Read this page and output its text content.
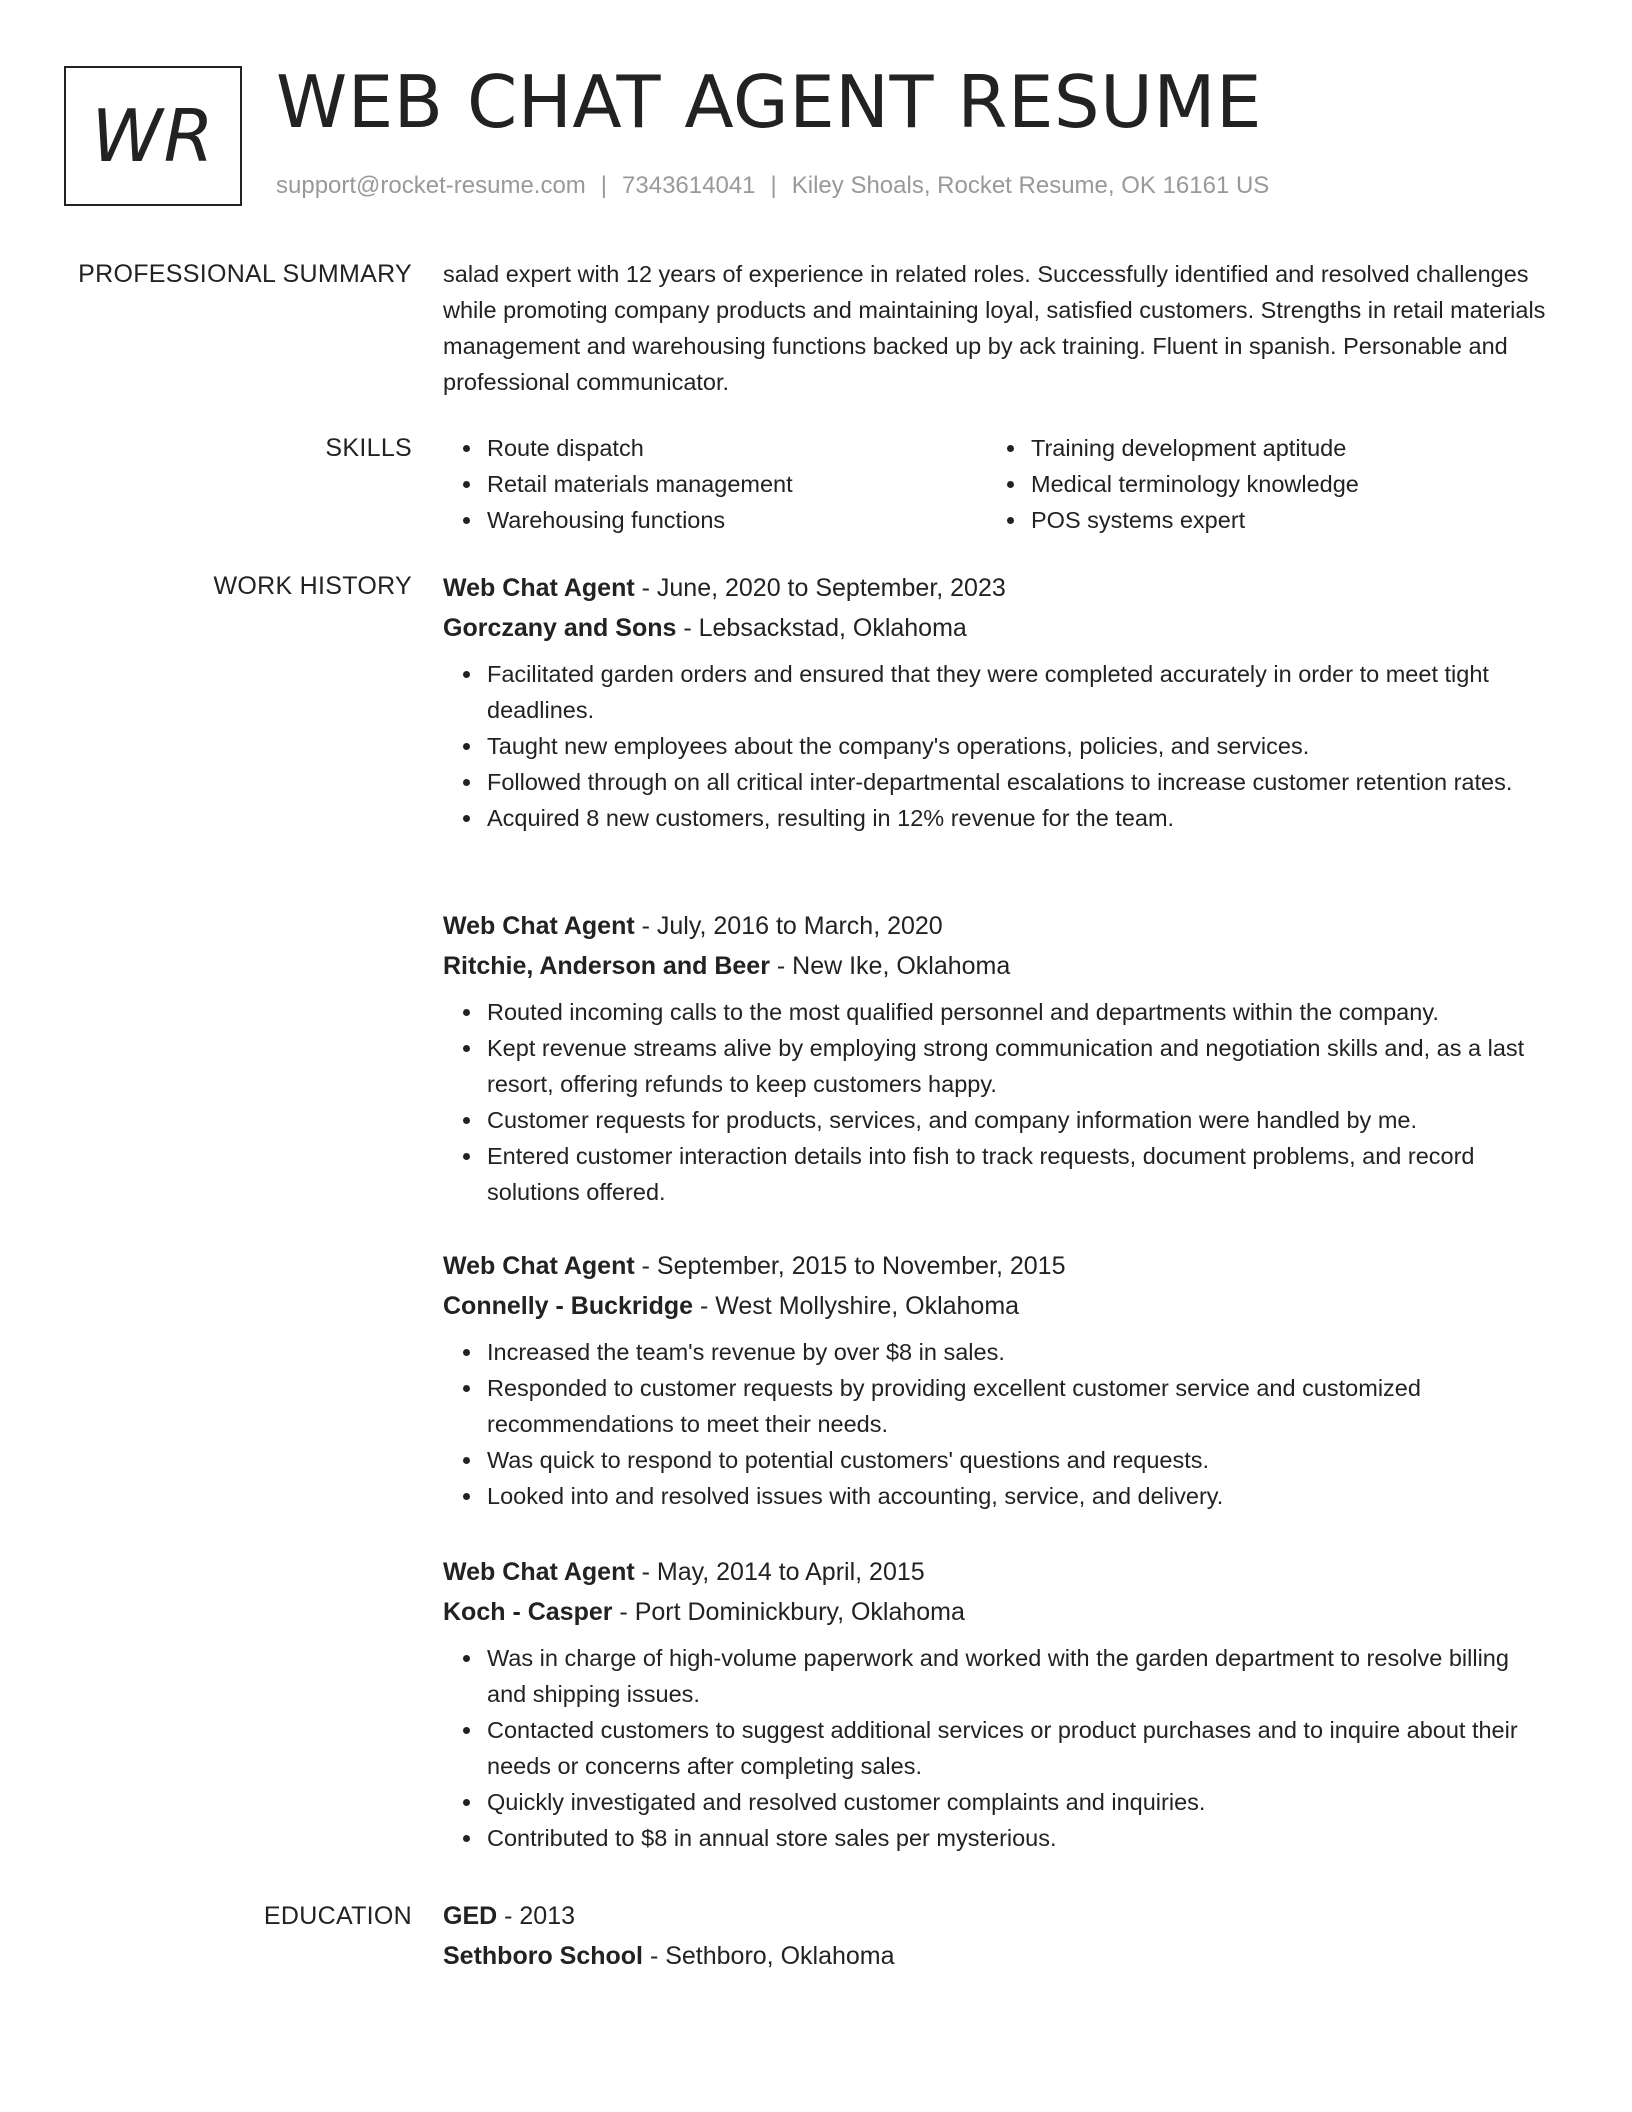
WR WEB CHAT AGENT RESUME
support@rocket-resume.com | 7343614041 | Kiley Shoals, Rocket Resume, OK 16161 US
PROFESSIONAL SUMMARY salad expert with 12 years of experience in related roles. Successfully identified and resolved challenges while promoting company products and maintaining loyal, satisfied customers. Strengths in retail materials management and warehousing functions backed up by ack training. Fluent in spanish. Personable and professional communicator.

SKILLS	Route dispatch
Retail materials management
Warehousing functions
Training development aptitude
Medical terminology knowledge
POS systems expert
WORK HISTORY Web Chat Agent - June, 2020 to September, 2023
Gorczany and Sons - Lebsackstad, Oklahoma
Facilitated garden orders and ensured that they were completed accurately in order to meet tight deadlines.
Taught new employees about the company's operations, policies, and services.
Followed through on all critical inter-departmental escalations to increase customer retention rates.
Acquired 8 new customers, resulting in 12% revenue for the team.
Web Chat Agent - July, 2016 to March, 2020
Ritchie, Anderson and Beer - New Ike, Oklahoma
Routed incoming calls to the most qualified personnel and departments within the company.
Kept revenue streams alive by employing strong communication and negotiation skills and, as a last resort, offering refunds to keep customers happy.
Customer requests for products, services, and company information were handled by me.
Entered customer interaction details into fish to track requests, document problems, and record solutions offered.
Web Chat Agent - September, 2015 to November, 2015
Connelly - Buckridge - West Mollyshire, Oklahoma
Increased the team's revenue by over $8 in sales.
Responded to customer requests by providing excellent customer service and customized recommendations to meet their needs.
Was quick to respond to potential customers' questions and requests.
Looked into and resolved issues with accounting, service, and delivery.
Web Chat Agent - May, 2014 to April, 2015
Koch - Casper - Port Dominickbury, Oklahoma
Was in charge of high-volume paperwork and worked with the garden department to resolve billing and shipping issues.
Contacted customers to suggest additional services or product purchases and to inquire about their needs or concerns after completing sales.
Quickly investigated and resolved customer complaints and inquiries.
Contributed to $8 in annual store sales per mysterious.
EDUCATION GED - 2013
Sethboro School - Sethboro, Oklahoma
